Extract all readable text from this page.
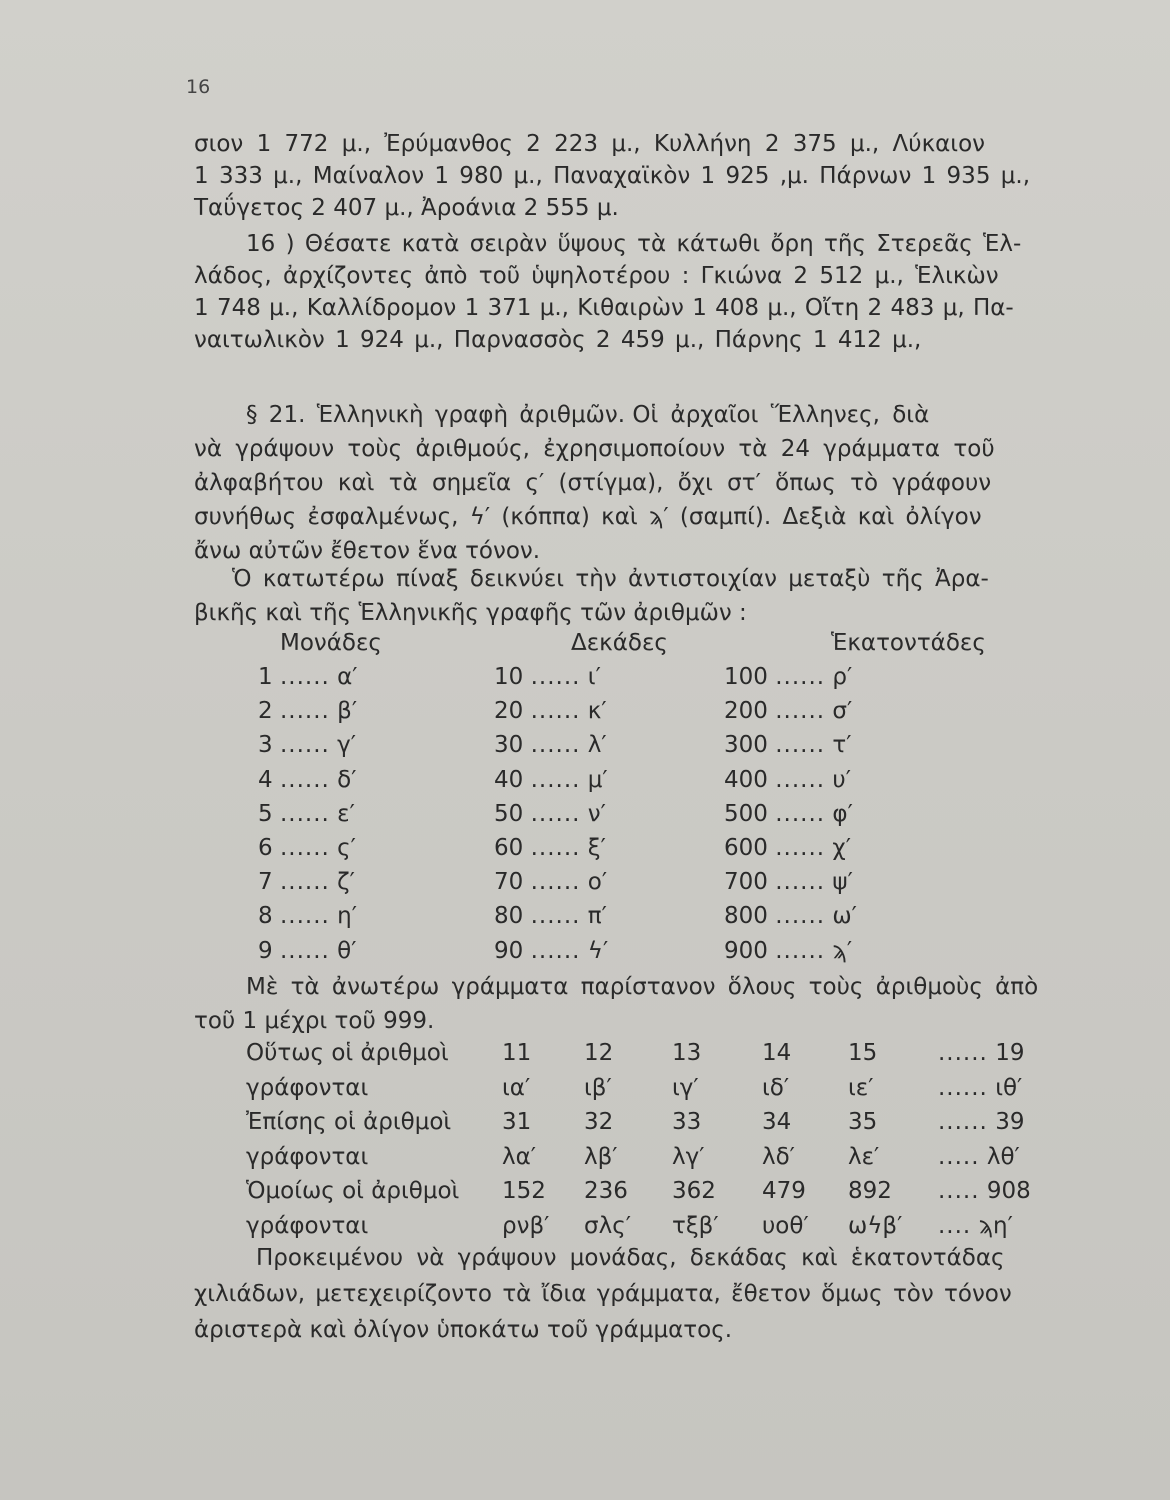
16
σιον 1 772 μ., Ἐρύμανθος 2 223 μ., Κυλλήνη 2 375 μ., Λύκαιον
1 333 μ., Μαίναλον 1 980 μ., Παναχαϊκὸν 1 925 ,μ. Πάρνων 1 935 μ.,
Ταΰγετος 2 407 μ., Ἀροάνια 2 555 μ.
16 ) Θέσατε κατὰ σειρὰν ὕψους τὰ κάτωθι ὄρη τῆς Στερεᾶς Ἑλ-
λάδος, ἀρχίζοντες ἀπὸ τοῦ ὑψηλοτέρου : Γκιώνα 2 512 μ., Ἑλικὼν
1 748 μ., Καλλίδρομον 1 371 μ., Κιθαιρὼν 1 408 μ., Οἴτη 2 483 μ, Πα-
ναιτωλικὸν 1 924 μ., Παρνασσὸς 2 459 μ., Πάρνης 1 412 μ.,
§ 21. Ἑλληνικὴ γραφὴ ἀριθμῶν. Οἱ ἀρχαῖοι Ἕλληνες, διὰ
νὰ γράψουν τοὺς ἀριθμούς, ἐχρησιμοποίουν τὰ 24 γράμματα τοῦ
ἀλφαβήτου καὶ τὰ σημεῖα ς′ (στίγμα), ὄχι στ′ ὅπως τὸ γράφουν
συνήθως ἐσφαλμένως, ϟ′ (κόππα) καὶ ϡ′ (σαμπί). Δεξιὰ καὶ ὀλίγον
ἄνω αὐτῶν ἔθετον ἕνα τόνον.
Ὁ κατωτέρω πίναξ δεικνύει τὴν ἀντιστοιχίαν μεταξὺ τῆς Ἀρα-
βικῆς καὶ τῆς Ἑλληνικῆς γραφῆς τῶν ἀριθμῶν :
Μονάδες	Δεκάδες	Ἑκατοντάδες
1 ...... α′	10 ...... ι′	100 ...... ρ′
2 ...... β′	20 ...... κ′	200 ...... σ′
3 ...... γ′	30 ...... λ′	300 ...... τ′
4 ...... δ′	40 ...... μ′	400 ...... υ′
5 ...... ε′	50 ...... ν′	500 ...... φ′
6 ...... ς′	60 ...... ξ′	600 ...... χ′
7 ...... ζ′	70 ...... ο′	700 ...... ψ′
8 ...... η′	80 ...... π′	800 ...... ω′
9 ...... θ′	90 ...... ϟ′	900 ...... ϡ′
Μὲ τὰ ἀνωτέρω γράμματα παρίστανον ὅλους τοὺς ἀριθμοὺς ἀπὸ
τοῦ 1 μέχρι τοῦ 999.
Οὕτως οἱ ἀριθμοὶ	11	12	13	14	15	...... 19
γράφονται	ια′	ιβ′	ιγ′	ιδ′	ιε′	...... ιθ′
Ἐπίσης οἱ ἀριθμοὶ	31	32	33	34	35	...... 39
γράφονται	λα′	λβ′	λγ′	λδ′	λε′	..... λθ′
Ὁμοίως οἱ ἀριθμοὶ	152	236	362	479	892	..... 908
γράφονται	ρνβ′	σλς′	τξβ′	υοθ′	ωϟβ′	.... ϡη′
Προκειμένου νὰ γράψουν μονάδας, δεκάδας καὶ ἑκατοντάδας
χιλιάδων, μετεχειρίζοντο τὰ ἴδια γράμματα, ἔθετον ὅμως τὸν τόνον
ἀριστερὰ καὶ ὀλίγον ὑποκάτω τοῦ γράμματος.
